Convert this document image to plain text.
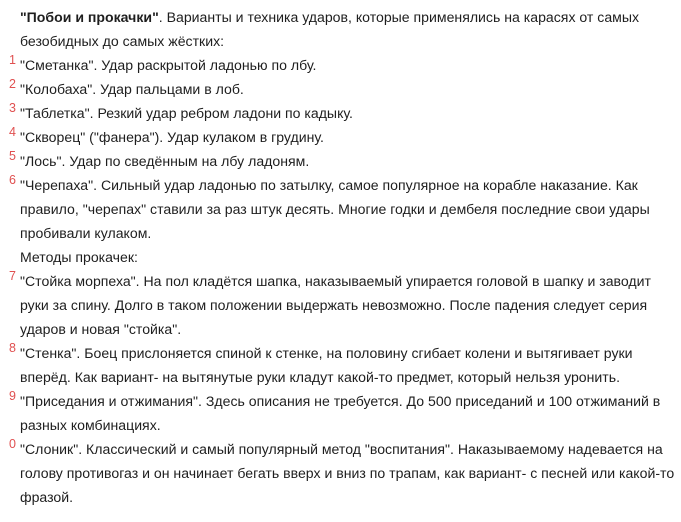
"Побои и прокачки". Варианты и техника ударов, которые применялись на карасях от самых безобидных до самых жёстких:

1 "Сметанка". Удар раскрытой ладонью по лбу.
2 "Колобаха". Удар пальцами в лоб.
3 "Таблетка". Резкий удар ребром ладони по кадыку.
4 "Скворец" ("фанера"). Удар кулаком в грудину.
5 "Лось". Удар по сведённым на лбу ладоням.
6 "Черепаха". Сильный удар ладонью по затылку, самое популярное на корабле наказание. Как правило, "черепах" ставили за раз штук десять. Многие годки и дембеля последние свои удары пробивали кулаком.

Методы прокачек:

7 "Стойка морпеха". На пол кладётся шапка, наказываемый упирается головой в шапку и заводит руки за спину. Долго в таком положении выдержать невозможно. После падения следует серия ударов и новая "стойка".
8 "Стенка". Боец прислоняется спиной к стенке, на половину сгибает колени и вытягивает руки вперёд. Как вариант- на вытянутые руки кладут какой-то предмет, который нельзя уронить.
9 "Приседания и отжимания". Здесь описания не требуется. До 500 приседаний и 100 отжиманий в разных комбинациях.
0 "Слоник". Классический и самый популярный метод "воспитания". Наказываемому надевается на голову противогаз и он начинает бегать вверх и вниз по трапам, как вариант- с песней или какой-то фразой.
